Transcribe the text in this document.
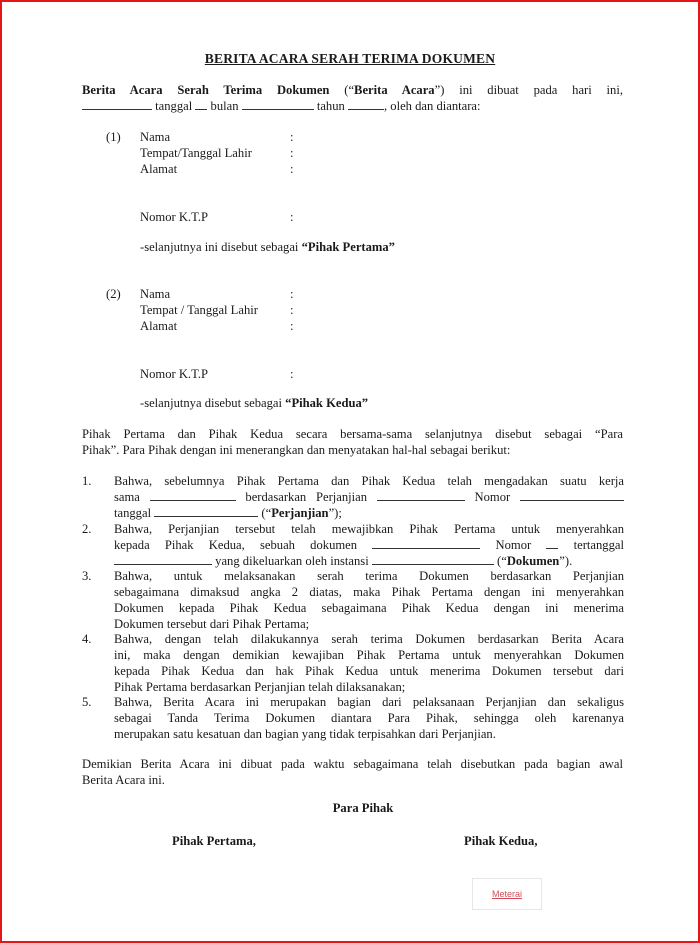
BERITA ACARA SERAH TERIMA DOKUMEN
Berita Acara Serah Terima Dokumen (“Berita Acara”) ini dibuat pada hari ini,
tanggal bulan	tahun	, oleh dan diantara:
(1) Nama	:
Tempat/Tanggal Lahir	:
Alamat	:
Nomor K.T.P	:
-selanjutnya ini disebut sebagai “Pihak Pertama”
(2) Nama	:
Tempat / Tanggal Lahir	:
Alamat	:
Nomor K.T.P	:
-selanjutnya disebut sebagai “Pihak Kedua”
Pihak Pertama dan Pihak Kedua secara bersama-sama selanjutnya disebut sebagai “Para
Pihak”. Para Pihak dengan ini menerangkan dan menyatakan hal-hal sebagai berikut:
1. Bahwa, sebelumnya Pihak Pertama dan Pihak Kedua telah mengadakan suatu kerja
sama	berdasarkan Perjanjian	Nomor
tanggal	(“Perjanjian”);
2. Bahwa, Perjanjian tersebut telah mewajibkan Pihak Pertama untuk menyerahkan
kepada Pihak Kedua, sebuah dokumen	Nomor	tertanggal
yang dikeluarkan oleh instansi	(“Dokumen”).
3. Bahwa, untuk melaksanakan serah terima Dokumen berdasarkan Perjanjian
sebagaimana dimaksud angka 2 diatas, maka Pihak Pertama dengan ini menyerahkan
Dokumen kepada Pihak Kedua sebagaimana Pihak Kedua dengan ini menerima
Dokumen tersebut dari Pihak Pertama;
4. Bahwa, dengan telah dilakukannya serah terima Dokumen berdasarkan Berita Acara
ini, maka dengan demikian kewajiban Pihak Pertama untuk menyerahkan Dokumen
kepada Pihak Kedua dan hak Pihak Kedua untuk menerima Dokumen tersebut dari
Pihak Pertama berdasarkan Perjanjian telah dilaksanakan;
5. Bahwa, Berita Acara ini merupakan bagian dari pelaksanaan Perjanjian dan sekaligus
sebagai Tanda Terima Dokumen diantara Para Pihak, sehingga oleh karenanya
merupakan satu kesatuan dan bagian yang tidak terpisahkan dari Perjanjian.
Demikian Berita Acara ini dibuat pada waktu sebagaimana telah disebutkan pada bagian awal
Berita Acara ini.
Para Pihak
Pihak Pertama,	Pihak Kedua,
Meterai
